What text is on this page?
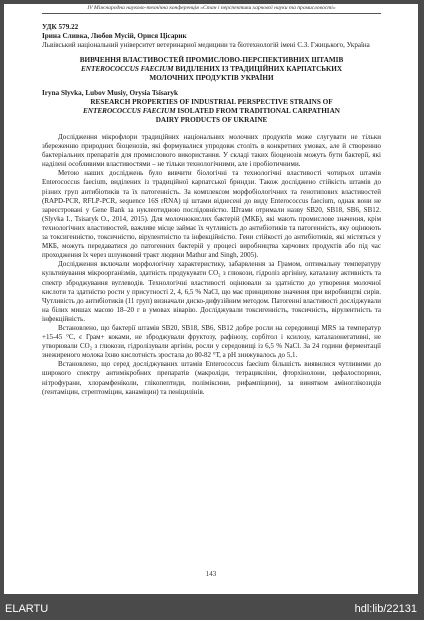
IV Міжнародна науково-технічна конференція «Стан і перспективи харчової науки та промисловості»
УДК 579.22
Ірина Сливка, Любов Мусій, Орися Цісарик
Львівський національний університет ветеринарної медицини та біотехнологій імені С.З. Гжицького, Україна
ВИВЧЕННЯ ВЛАСТИВОСТЕЙ ПРОМИСЛОВО-ПЕРСПЕКТИВНИХ ШТАМІВ
ENTEROCOCCUS FAECIUM ВИДІЛЕНИХ ІЗ ТРАДИЦІЙНИХ КАРПАТСЬКИХ
МОЛОЧНИХ ПРОДУКТІВ УКРАЇНИ
Iryna Slyvka, Lubov Musiy, Orysia Tsisaryk
RESEARCH PROPERTIES OF INDUSTRIAL PERSPECTIVE STRAINS OF
ENTEROCOCCUS FAECIUM ISOLATED FROM TRADITIONAL CARPATHIAN
DAIRY PRODUCTS OF UKRAINE

Дослідження мікрофлори традиційних національних молочних продуктів може слугувати не тільки збереженню природних біоценозів, які формувалися упродовж століть в конкретних умовах, але й створенню бактеріальних препаратів для промислового використання. У складі таких біоценозів можуть бути бактерії, які наділені особливими властивостями – не тільки технологічними, але і пробіотичними.

Метою наших досліджень було вивчити біологічні та технологічні властивості чотирьох штамів Enterococcus faecium, виділених із традиційної карпатської бриндзи. Також досліджено стійкість штамів до різних груп антибіотиків та їх патогенність. За комплексом морфобіологічних та генотипових властивостей (RAPD-PCR, RFLP-PCR, sequence 16S rRNA) ці штами віднесені до виду Enterococcus faecium, однак вони не зареєстровані у Gene Bank за нуклеотидною послідовністю. Штами отримали назву SB20, SB18, SB6, SB12. (Slyvka I., Tsisaryk O., 2014, 2015). Для молочнокислих бактерій (МКБ), які мають промислове значення, крім технологічних властивостей, важливе місце займає їх чутливість до антибіотиків та патогенність, яку оцінюють за токсигенністю, токсичністю, вірулентністю та інфекційністю. Гени стійкості до антибіотиків, які містяться у МКБ, можуть передаватися до патогенних бактерій у процесі виробництва харчових продуктів або під час проходження їх через шлунковий тракт людини Mathur and Singh, 2005).

Дослідження включали морфологічну характеристику, забарвлення за Грамом, оптимальну температуру культивування мікроорганізмів, здатність продукувати CO₂ з глюкози, гідроліз аргініну, каталазну активність та спектр зброджування вуглеводів. Технологічні властивості оцінювали за здатністю до утворення молочної кислоти та здатністю рости у присутності 2, 4, 6,5 % NaCl, що має принципове значення при виробництві сирів. Чутливість до антибіотиків (11 груп) визначали диско-дифузійним методом. Патогенні властивості досліджували на білих мишах масою 18–20 г в умовах віварію. Досліджували токсигенність, токсичність, вірулентність та інфекційність.

Встановлено, що бактерії штамів SB20, SB18, SB6, SB12 добре росли на середовищі MRS за температур +15-45 °C, є Грам+ коками, не зброджували фруктозу, рафінозу, сорбітол і ксилозу, каталазонегативні, не утворювали CO₂ з глюкози, гідролізували аргінін, росли у середовищі із 6,5 % NaCl. За 24 години ферментації знежиреного молока їхню кислотність зростала до 80-82 °Т, а pH знижувалось до 5,1.

Встановлено, що серед досліджуваних штамів Enterococcus faecium більшість виявилися чутливими до широкого спектру антимікробних препаратів (макроліди, тетрацикліни, фторхінолони, цефалоспорини, нітрофурани, хлорамфеніколи, глікопептиди, поліміксини, рифампіцини), за винятком аміноглікозидів (гентаміцин, стрептоміцин, канаміцин) та пеніцилінів.

143
ELARTU	hdl:lib/22131
